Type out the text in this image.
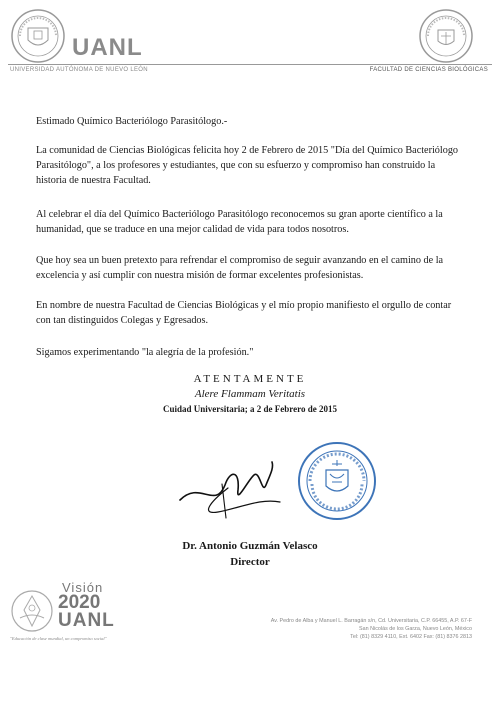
UANL
UNIVERSIDAD AUTÓNOMA DE NUEVO LEÓN	FACULTAD DE CIENCIAS BIOLÓGICAS
Estimado Químico Bacteriólogo Parasitólogo.-
La comunidad de Ciencias Biológicas felicita hoy 2 de Febrero de 2015 "Día del Químico Bacteriólogo Parasitólogo", a los profesores y estudiantes, que con su esfuerzo y compromiso han construido la historia de nuestra Facultad.
Al celebrar el día del Químico Bacteriólogo Parasitólogo reconocemos su gran aporte científico a la humanidad, que se traduce en una mejor calidad de vida para todos nosotros.
Que hoy sea un buen pretexto para refrendar el compromiso de seguir avanzando en el camino de la excelencia y así cumplir con nuestra misión de formar excelentes profesionistas.
En nombre de nuestra Facultad de Ciencias Biológicas y el mío propio manifiesto el orgullo de contar con tan distinguidos Colegas y Egresados.
Sigamos experimentando "la alegría de la profesión."
ATENTAMENTE
Alere Flammam Veritatis
Cuidad Universitaria; a 2 de Febrero de 2015
Dr. Antonio Guzmán Velasco
Director
Visión
2020
UANL
"Educación de clase mundial, un compromiso social"
Av. Pedro de Alba y Manuel L. Barragán s/n, Cd. Universitaria, C.P. 66455, A.P. 67-F
San Nicolás de los Garza, Nuevo León, México
Tel: (81) 8329 4110, Ext. 6402 Fax: (81) 8376 2813
